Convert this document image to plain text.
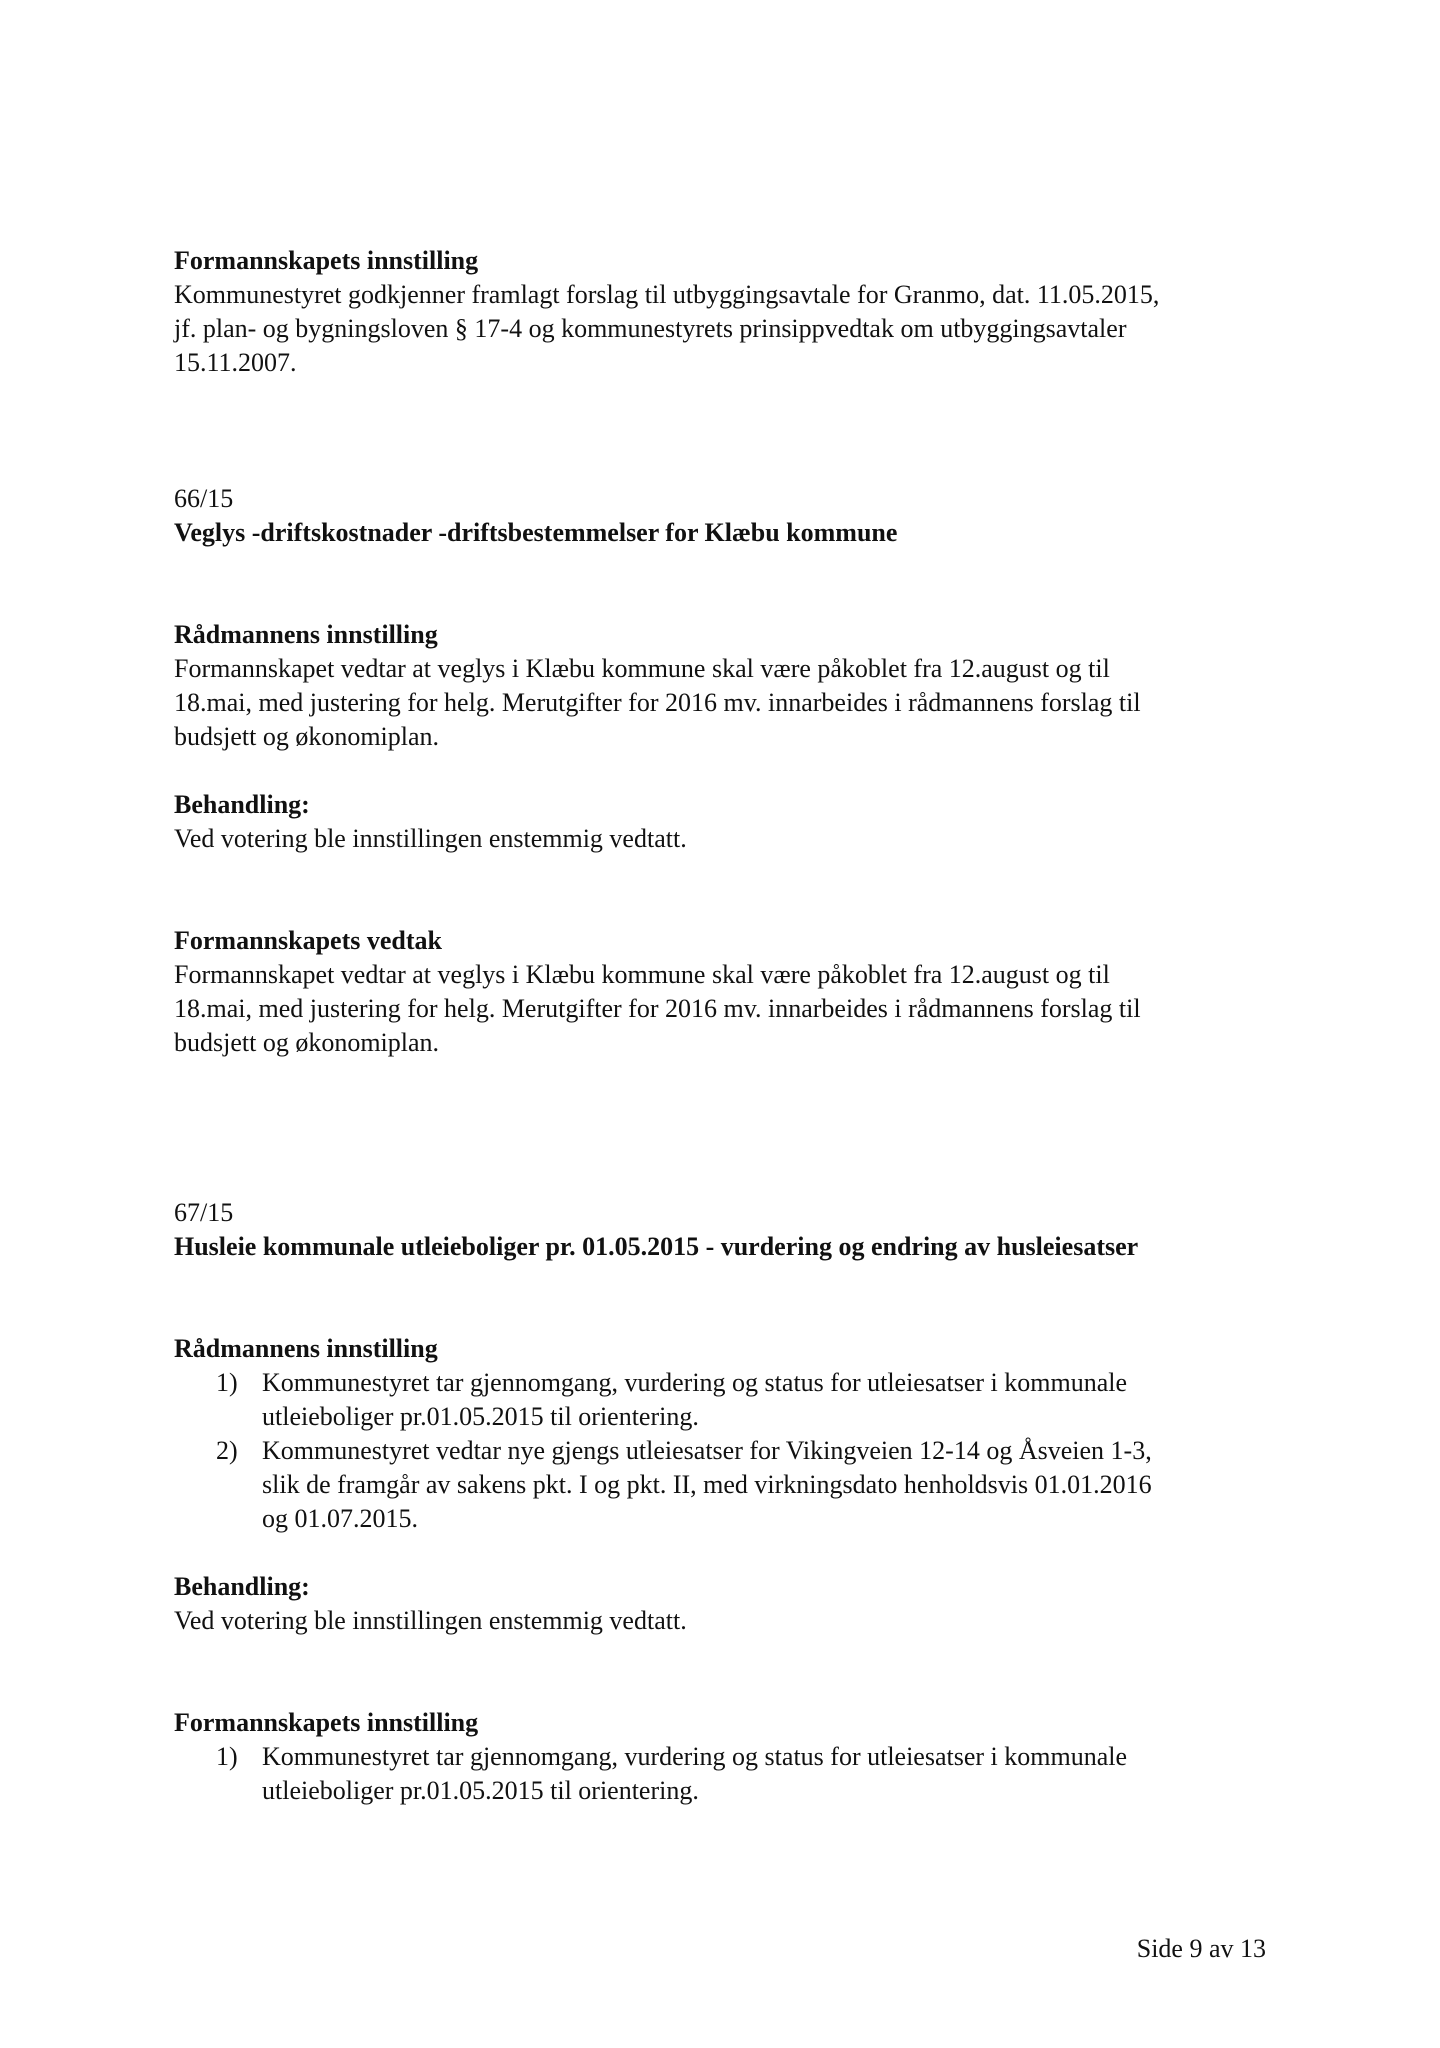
Formannskapets innstilling
Kommunestyret godkjenner framlagt forslag til utbyggingsavtale for Granmo, dat. 11.05.2015,
jf. plan- og bygningsloven § 17-4 og kommunestyrets prinsippvedtak om utbyggingsavtaler
15.11.2007.
66/15
Veglys -driftskostnader -driftsbestemmelser for Klæbu kommune
Rådmannens innstilling
Formannskapet vedtar at veglys i Klæbu kommune skal være påkoblet fra 12.august og til
18.mai, med justering for helg. Merutgifter for 2016 mv. innarbeides i rådmannens forslag til
budsjett og økonomiplan.
Behandling:
Ved votering ble innstillingen enstemmig vedtatt.
Formannskapets vedtak
Formannskapet vedtar at veglys i Klæbu kommune skal være påkoblet fra 12.august og til
18.mai, med justering for helg. Merutgifter for 2016 mv. innarbeides i rådmannens forslag til
budsjett og økonomiplan.
67/15
Husleie kommunale utleieboliger pr. 01.05.2015 - vurdering og endring av husleiesatser
Rådmannens innstilling
1) Kommunestyret tar gjennomgang, vurdering og status for utleiesatser i kommunale
utleieboliger pr.01.05.2015 til orientering.
2) Kommunestyret vedtar nye gjengs utleiesatser for Vikingveien 12-14 og Åsveien 1-3,
slik de framgår av sakens pkt. I og pkt. II, med virkningsdato henholdsvis 01.01.2016
og 01.07.2015.
Behandling:
Ved votering ble innstillingen enstemmig vedtatt.
Formannskapets innstilling
1) Kommunestyret tar gjennomgang, vurdering og status for utleiesatser i kommunale
utleieboliger pr.01.05.2015 til orientering.
Side 9 av 13
